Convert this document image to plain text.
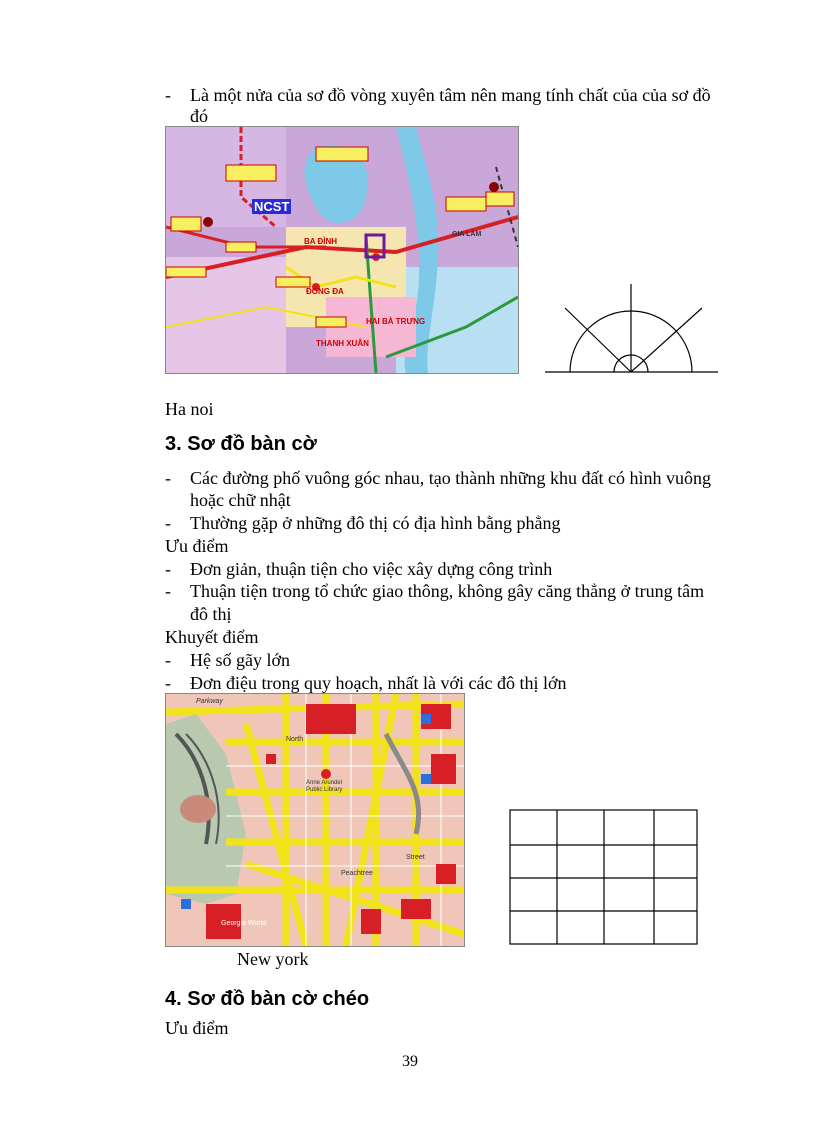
- Là một nửa của sơ đồ vòng xuyên tâm nên mang tính chất của của sơ đồ
đó
NCST
BA ĐÌNH
HAI BÀ TRƯNG
THANH XUÂN
GIA LÂM
ĐỐNG ĐA
Ha noi
3. Sơ đồ bàn cờ
- Các đường phố vuông góc nhau, tạo thành những khu đất có hình vuông
hoặc chữ nhật
- Thường gặp ở những đô thị có địa hình bằng phẳng
Ưu điểm
- Đơn giản, thuận tiện cho việc xây dựng công trình
- Thuận tiện trong tổ chức giao thông, không gây căng thẳng ở trung tâm
đô thị
Khuyết điểm
- Hệ số gãy lớn
- Đơn điệu trong quy hoạch, nhất là với các đô thị lớn
Parkway
North
Anne Arundel Public Library
Peachtree
Georgia World
Street
New york
4. Sơ đồ bàn cờ chéo
Ưu điểm
39
